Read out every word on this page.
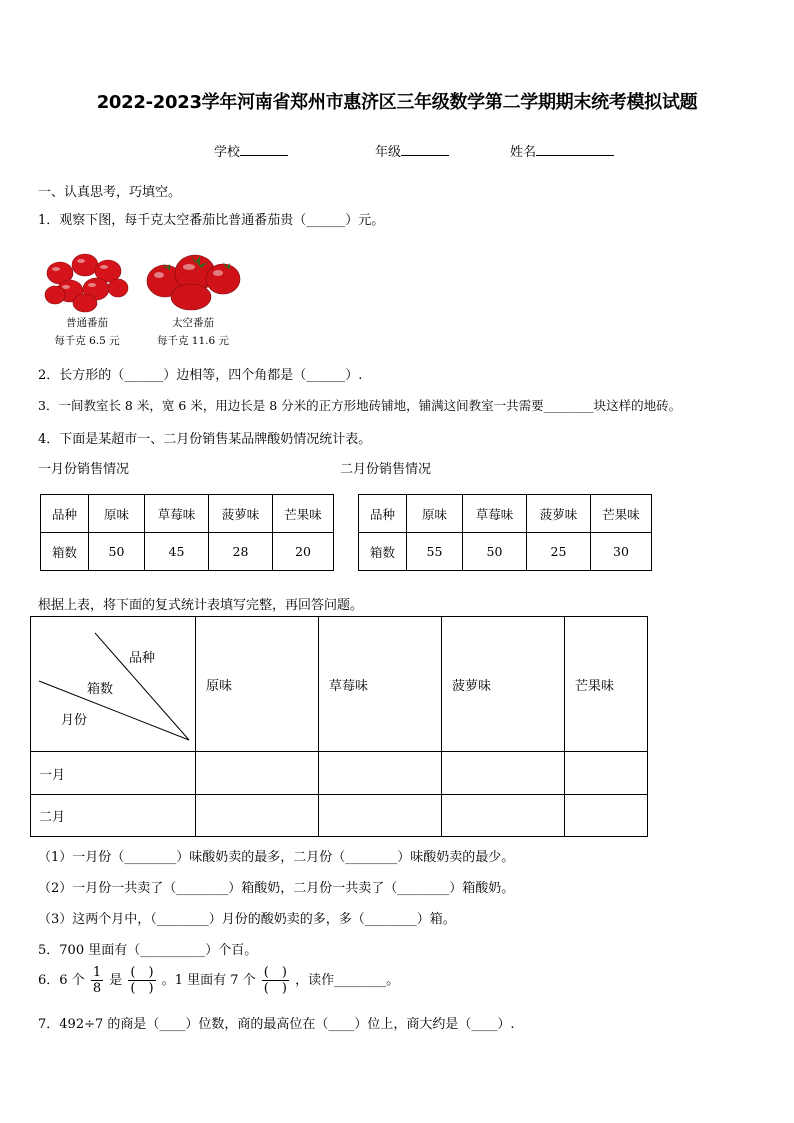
2022-2023学年河南省郑州市惠济区三年级数学第二学期期末统考模拟试题
学校	年级	姓名
一、认真思考，巧填空。
1．观察下图，每千克太空番茄比普通番茄贵（______）元。
普通番茄
每千克 6.5 元
太空番茄
每千克 11.6 元
2．长方形的（______）边相等，四个角都是（______）.
3．一间教室长 8 米，宽 6 米，用边长是 8 分米的正方形地砖铺地，铺满这间教室一共需要________块这样的地砖。
4．下面是某超市一、二月份销售某品牌酸奶情况统计表。
一月份销售情况	二月份销售情况
品种	原味	草莓味	菠萝味	芒果味
箱数	50	45	28	20
品种	原味	草莓味	菠萝味	芒果味
箱数	55	50	25	30
根据上表，将下面的复式统计表填写完整，再回答问题。
品种
箱数
月份	原味	草莓味	菠萝味	芒果味
一月				
二月				
（1）一月份（________）味酸奶卖的最多，二月份（________）味酸奶卖的最少。
（2）一月份一共卖了（________）箱酸奶，二月份一共卖了（________）箱酸奶。
（3）这两个月中，（________）月份的酸奶卖的多，多（________）箱。
5．700 里面有（__________）个百。
6．6 个 $\frac{1}{8}$ 是 $\frac{( )}{( )}$ 。1 里面有 7 个 $\frac{( )}{( )}$ ，读作________。
7．492÷7 的商是（____）位数，商的最高位在（____）位上，商大约是（____）.
